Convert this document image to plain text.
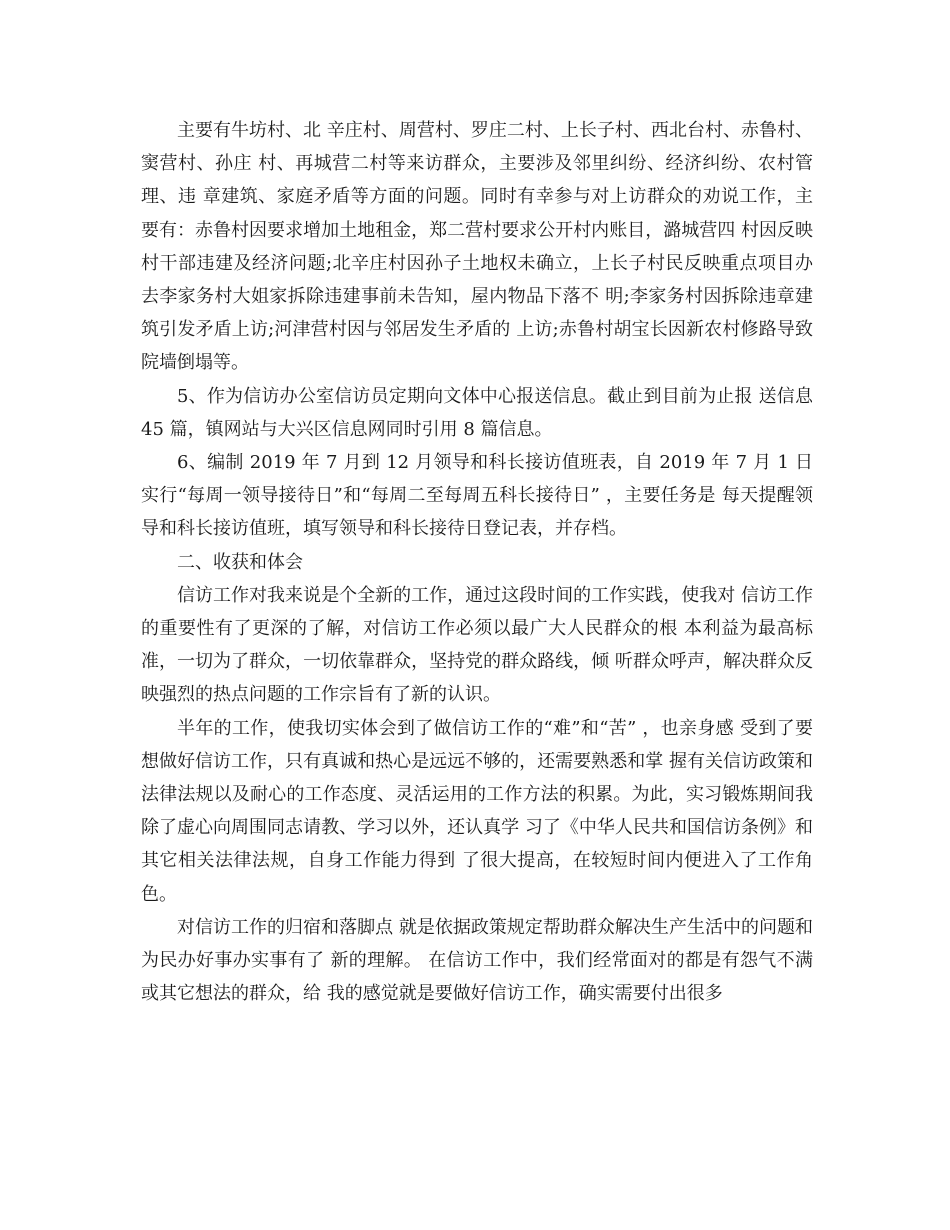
主要有牛坊村、北 辛庄村、周营村、罗庄二村、上长子村、西北台村、赤鲁村、窦营村、孙庄 村、再城营二村等来访群众，主要涉及邻里纠纷、经济纠纷、农村管理、违 章建筑、家庭矛盾等方面的问题。同时有幸参与对上访群众的劝说工作，主 要有：赤鲁村因要求增加土地租金，郑二营村要求公开村内账目，潞城营四 村因反映村干部违建及经济问题;北辛庄村因孙子土地权未确立，上长子村民反映重点项目办去李家务村大姐家拆除违建事前未告知，屋内物品下落不 明;李家务村因拆除违章建筑引发矛盾上访;河津营村因与邻居发生矛盾的 上访;赤鲁村胡宝长因新农村修路导致院墙倒塌等。

5、作为信访办公室信访员定期向文体中心报送信息。截止到目前为止报 送信息 45 篇，镇网站与大兴区信息网同时引用 8 篇信息。

6、编制 2019 年 7 月到 12 月领导和科长接访值班表，自 2019 年 7 月 1 日实行“每周一领导接待日”和“每周二至每周五科长接待日” ，主要任务是 每天提醒领导和科长接访值班，填写领导和科长接待日登记表，并存档。

二、收获和体会

信访工作对我来说是个全新的工作，通过这段时间的工作实践，使我对 信访工作的重要性有了更深的了解，对信访工作必须以最广大人民群众的根 本利益为最高标准，一切为了群众，一切依靠群众，坚持党的群众路线，倾 听群众呼声，解决群众反映强烈的热点问题的工作宗旨有了新的认识。

半年的工作，使我切实体会到了做信访工作的“难”和“苦” ，也亲身感 受到了要想做好信访工作，只有真诚和热心是远远不够的，还需要熟悉和掌 握有关信访政策和法律法规以及耐心的工作态度、灵活运用的工作方法的积累。为此，实习锻炼期间我除了虚心向周围同志请教、学习以外，还认真学 习了《中华人民共和国信访条例》和其它相关法律法规，自身工作能力得到 了很大提高，在较短时间内便进入了工作角色。

对信访工作的归宿和落脚点 就是依据政策规定帮助群众解决生产生活中的问题和为民办好事办实事有了 新的理解。 在信访工作中，我们经常面对的都是有怨气不满或其它想法的群众，给 我的感觉就是要做好信访工作，确实需要付出很多
